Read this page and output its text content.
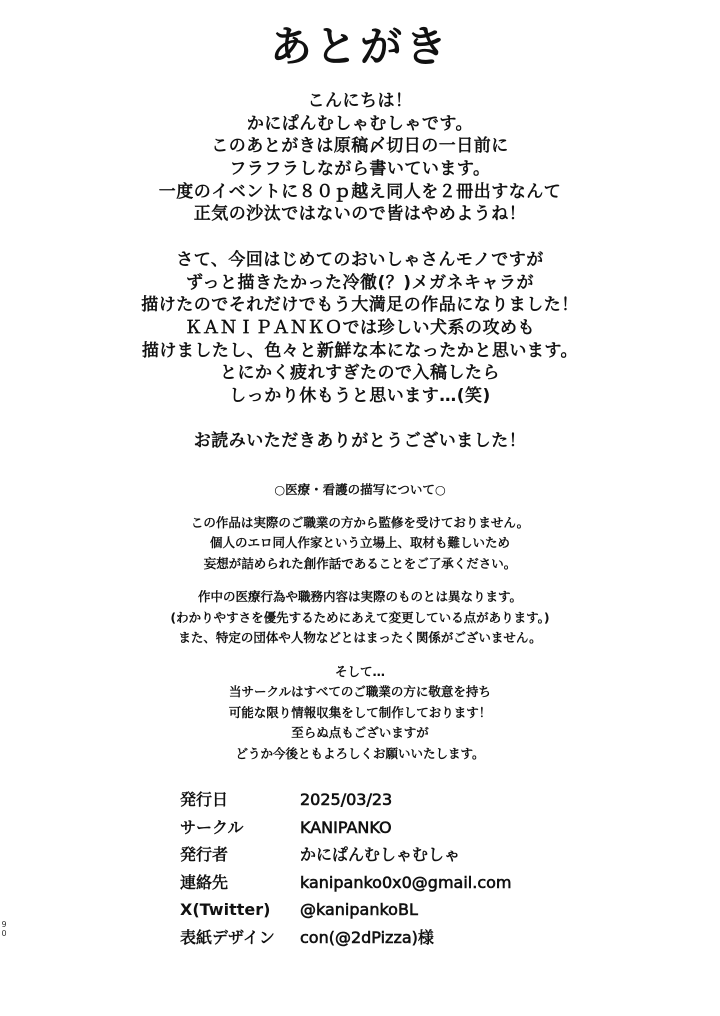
あとがき
こんにちは！
かにぱんむしゃむしゃです。
このあとがきは原稿〆切日の一日前に
フラフラしながら書いています。
一度のイベントに８０ｐ越え同人を２冊出すなんて
正気の沙汰ではないので皆はやめようね！
さて、今回はじめてのおいしゃさんモノですが
ずっと描きたかった冷徹(？)メガネキャラが
描けたのでそれだけでもう大満足の作品になりました！
ＫＡＮＩＰＡＮＫＯでは珍しい犬系の攻めも
描けましたし、色々と新鮮な本になったかと思います。
とにかく疲れすぎたので入稿したら
しっかり休もうと思います…(笑)
お読みいただきありがとうございました！
○医療・看護の描写について○
この作品は実際のご職業の方から監修を受けておりません。
個人のエロ同人作家という立場上、取材も難しいため
妄想が詰められた創作話であることをご了承ください。
作中の医療行為や職務内容は実際のものとは異なります。
(わかりやすさを優先するためにあえて変更している点があります。)
また、特定の団体や人物などとはまったく関係がございません。
そして…
当サークルはすべてのご職業の方に敬意を持ち
可能な限り情報収集をして制作しております！
至らぬ点もございますが
どうか今後ともよろしくお願いいたします。
発行日	2025/03/23
サークル	KANIPANKO
発行者	かにぱんむしゃむしゃ
連絡先	kanipanko0x0@gmail.com
X(Twitter)	@kanipankoBL
表紙デザイン	con(@2dPizza)様
90
